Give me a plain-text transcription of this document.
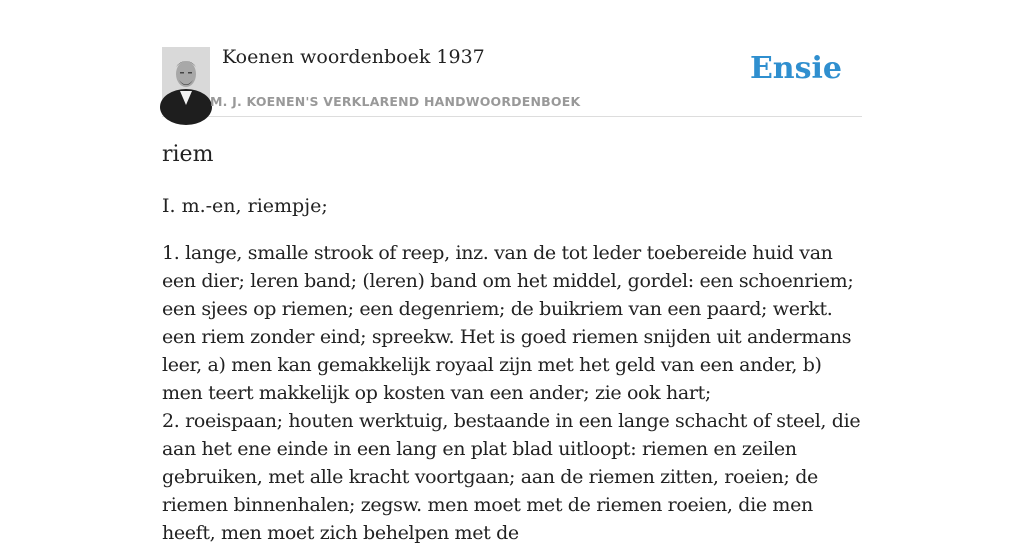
Koenen woordenboek 1937
M. J. KOENEN'S VERKLAREND HANDWOORDENBOEK
Ensie
riem

I. m.-en, riempje;

1. lange, smalle strook of reep, inz. van de tot leder toebereide huid van een dier; leren band; (leren) band om het middel, gordel: een schoenriem; een sjees op riemen; een degenriem; de buikriem van een paard; werkt. een riem zonder eind; spreekw. Het is goed riemen snijden uit andermans leer, a) men kan gemakkelijk royaal zijn met het geld van een ander, b) men teert makkelijk op kosten van een ander; zie ook hart;
2. roeispaan; houten werktuig, bestaande in een lange schacht of steel, die aan het ene einde in een lang en plat blad uitloopt: riemen en zeilen gebruiken, met alle kracht voortgaan; aan de riemen zitten, roeien; de riemen binnenhalen; zegsw. men moet met de riemen roeien, die men heeft, men moet zich behelpen met de
